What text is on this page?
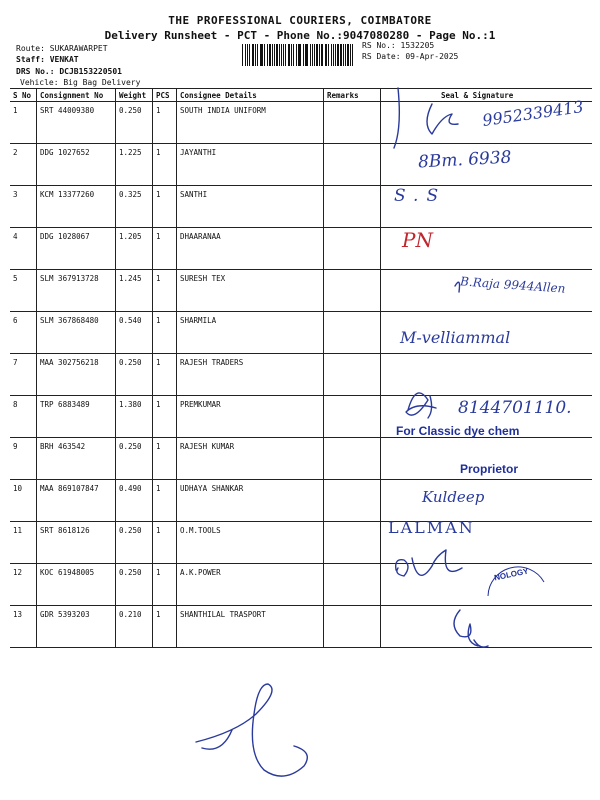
THE PROFESSIONAL COURIERS, COIMBATORE
Delivery Runsheet - PCT - Phone No.:9047080280 - Page No.:1
Route: SUKARAWARPET
Staff: VENKAT
DRS No.: DCJB153220501
Vehicle: Big Bag Delivery
RS No.: 1532205
RS Date: 09-Apr-2025
S No	Consignment No	Weight	PCS	Consignee Details	Remarks	Seal & Signature
1	SRT 44009380	0.250	1	SOUTH INDIA UNIFORM		
2	DDG 1027652	1.225	1	JAYANTHI		
3	KCM 13377260	0.325	1	SANTHI		
4	DDG 1028067	1.205	1	DHAARANAA		
5	SLM 367913728	1.245	1	SURESH TEX		
6	SLM 367868480	0.540	1	SHARMILA		
7	MAA 302756218	0.250	1	RAJESH TRADERS		
8	TRP 6883489	1.380	1	PREMKUMAR		
9	BRH 463542	0.250	1	RAJESH KUMAR		
10	MAA 869107847	0.490	1	UDHAYA SHANKAR		
11	SRT 8618126	0.250	1	O.M.TOOLS		
12	KOC 61948005	0.250	1	A.K.POWER		
13	GDR 5393203	0.210	1	SHANTHILAL TRASPORT		
9952339413
8Bm. 6938
S.S
PN
B.Raja 9944Allen
M-velliammal
8144701110.
For Classic dye chem
Proprietor
Kuldeep
LALMAN
NOLOGY
